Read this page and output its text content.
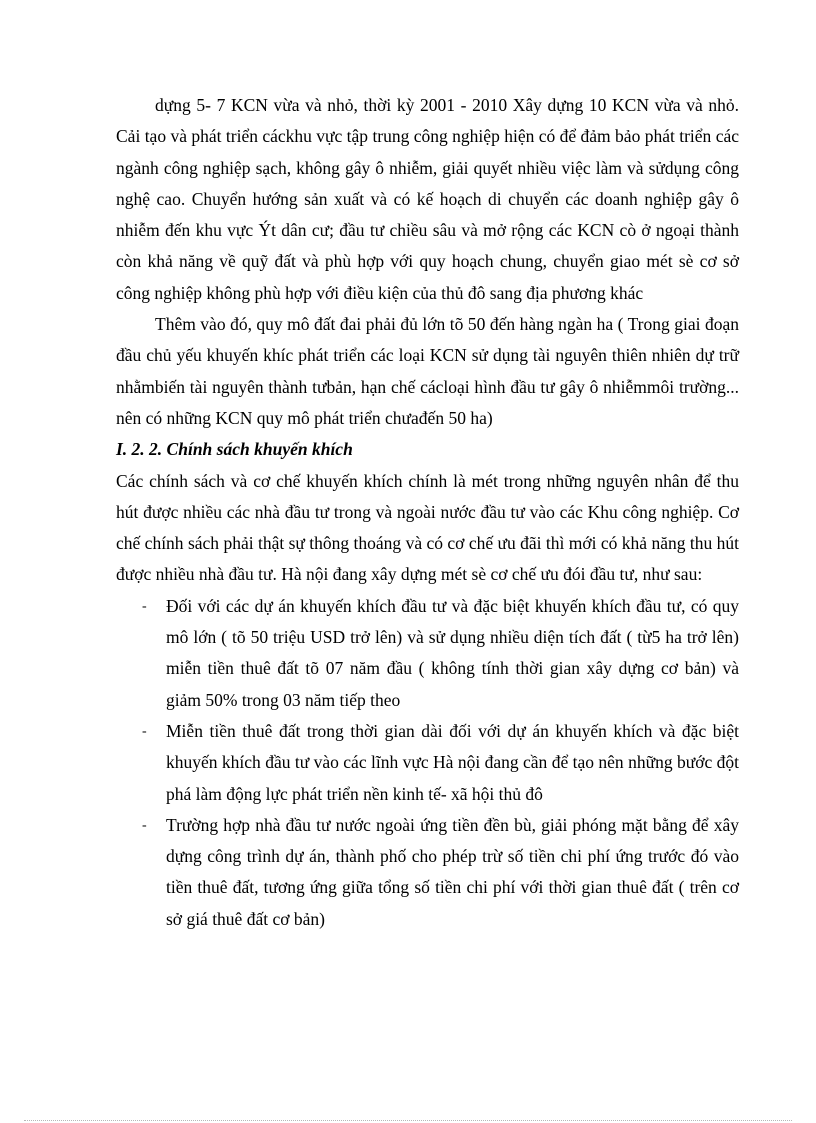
dựng 5- 7 KCN vừa và nhỏ, thời kỳ 2001 - 2010 Xây dựng 10 KCN vừa và nhỏ. Cải tạo và phát triển cáckhu vực tập trung công nghiệp hiện có để đảm bảo phát triển các ngành công nghiệp sạch, không gây ô nhiễm, giải quyết nhiều việc làm và sửdụng công nghệ cao. Chuyển hướng sản xuất và có kế hoạch di chuyển các doanh nghiệp gây ô nhiễm đến khu vực Ýt dân cư; đầu tư chiều sâu và mở rộng các KCN cò ở ngoại thành còn khả năng về quỹ đất và phù hợp với quy hoạch chung, chuyển giao mét sè cơ sở công nghiệp không phù hợp với điều kiện của thủ đô sang địa phương khác

Thêm vào đó, quy mô đất đai phải đủ lớn tõ 50 đến hàng ngàn ha ( Trong giai đoạn đầu chủ yếu khuyến khíc phát triển các loại KCN sử dụng tài nguyên thiên nhiên dự trữ nhằmbiến tài nguyên thành tưbản, hạn chế cácloại hình đầu tư gây ô nhiễmmôi trường... nên có những KCN quy mô phát triển chưađến 50 ha)

I. 2. 2. Chính sách khuyến khích

Các chính sách và cơ chế khuyến khích chính là mét trong những nguyên nhân để thu hút được nhiều các nhà đầu tư trong và ngoài nước đầu tư vào các Khu công nghiệp. Cơ chế chính sách phải thật sự thông thoáng và có cơ chế ưu đãi thì mới có khả năng thu hút được nhiều nhà đầu tư. Hà nội đang xây dựng mét sè cơ chế ưu đói đầu tư, như sau:

-	Đối với các dự án khuyến khích đầu tư và đặc biệt khuyến khích đầu tư, có quy mô lớn ( tõ 50 triệu USD trở lên) và sử dụng nhiều diện tích đất ( từ5 ha trở lên) miễn tiền thuê đất tõ 07 năm đầu ( không tính thời gian xây dựng cơ bản) và giảm 50% trong 03 năm tiếp theo
-	Miễn tiền thuê đất trong thời gian dài đối với dự án khuyến khích và đặc biệt khuyến khích đầu tư vào các lĩnh vực Hà nội đang cần để tạo nên những bước đột phá làm động lực phát triển nền kinh tế- xã hội thủ đô
-	Trường hợp nhà đầu tư nước ngoài ứng tiền đền bù, giải phóng mặt bằng để xây dựng công trình dự án, thành phố cho phép trừ số tiền chi phí ứng trước đó vào tiền thuê đất, tương ứng giữa tổng số tiền chi phí với thời gian thuê đất ( trên cơ sở giá thuê đất cơ bản)
